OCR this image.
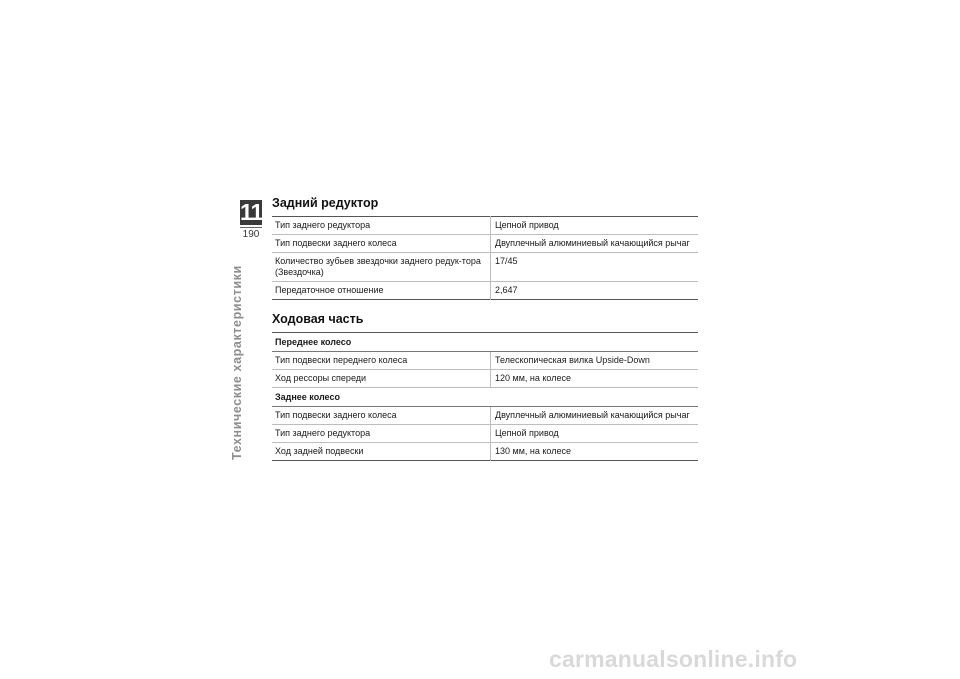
11
190
Технические характеристики
Задний редуктор
Тип заднего редуктора	Цепной привод
Тип подвески заднего колеса	Двуплечный алюминиевый качающийся рычаг
Количество зубьев звездочки заднего редук-тора (Звездочка)	17/45
Передаточное отношение	2,647
Ходовая часть
Переднее колесо	
Тип подвески переднего колеса	Телескопическая вилка Upside-Down
Ход рессоры спереди	120 мм, на колесе
Заднее колесо	
Тип подвески заднего колеса	Двуплечный алюминиевый качающийся рычаг
Тип заднего редуктора	Цепной привод
Ход задней подвески	130 мм, на колесе
carmanualsonline.info
